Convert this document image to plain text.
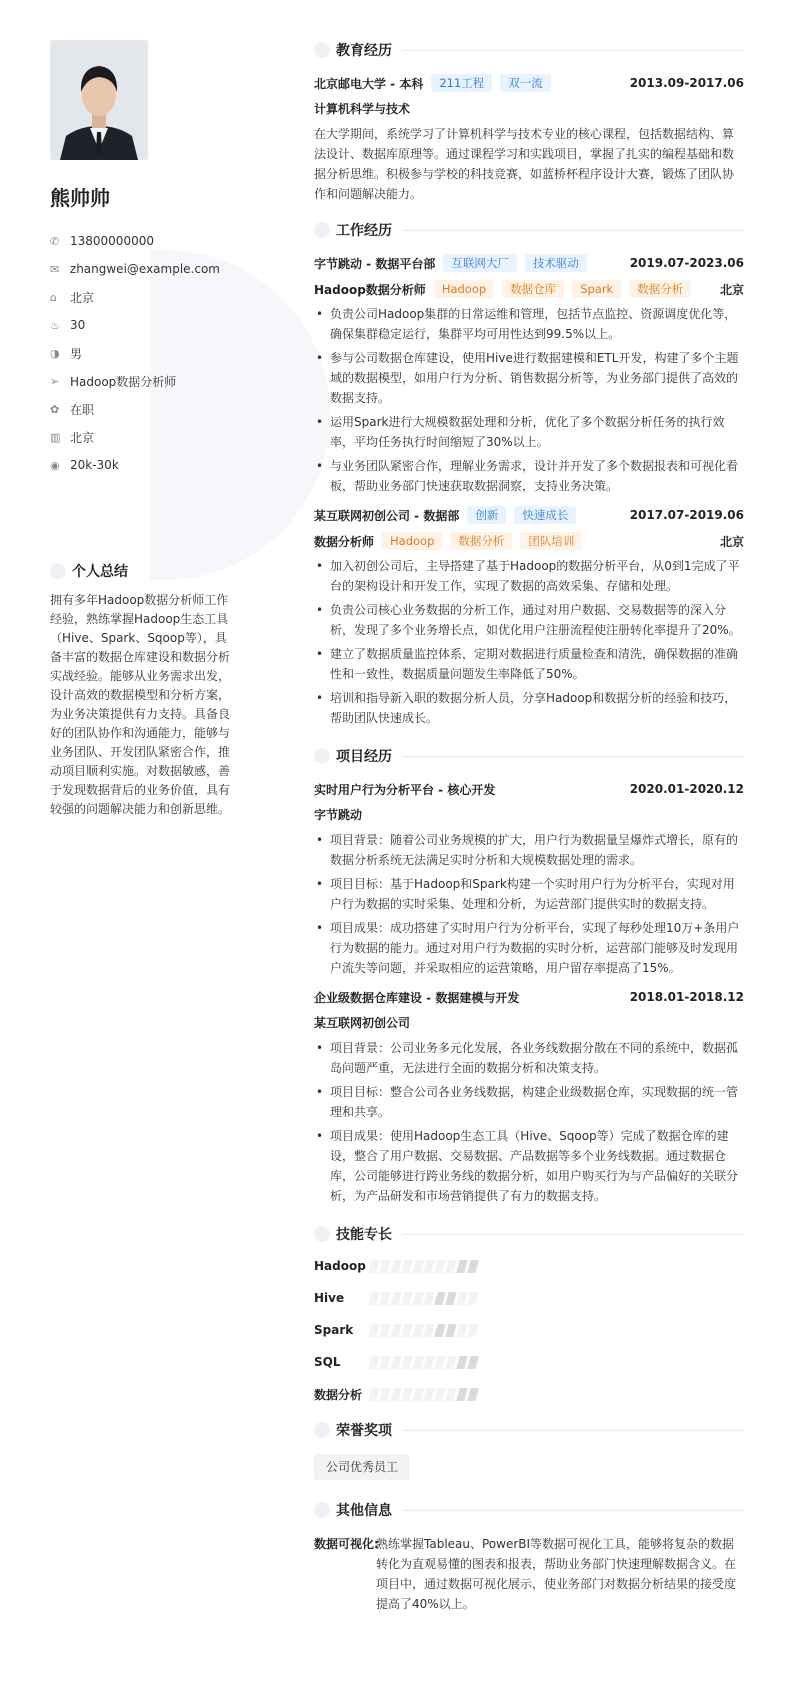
熊帅帅
✆ 13800000000
✉ zhangwei@example.com
⌂	北京
♨ 30
◑ 男
➢ Hadoop数据分析师
✿ 在职
▥ 北京
◉ 20k-30k
个人总结
拥有多年Hadoop数据分析师工作经验，熟练掌握Hadoop生态工具（Hive、Spark、Sqoop等），具备丰富的数据仓库建设和数据分析实战经验。能够从业务需求出发，设计高效的数据模型和分析方案，为业务决策提供有力支持。具备良好的团队协作和沟通能力，能够与业务团队、开发团队紧密合作，推动项目顺利实施。对数据敏感，善于发现数据背后的业务价值，具有较强的问题解决能力和创新思维。
教育经历
北京邮电大学 - 本科	211工程	双一流	2013.09-2017.06
计算机科学与技术
在大学期间，系统学习了计算机科学与技术专业的核心课程，包括数据结构、算法设计、数据库原理等。通过课程学习和实践项目，掌握了扎实的编程基础和数据分析思维。积极参与学校的科技竞赛，如蓝桥杯程序设计大赛，锻炼了团队协作和问题解决能力。
工作经历
字节跳动 - 数据平台部	互联网大厂	技术驱动	2019.07-2023.06
Hadoop数据分析师	Hadoop	数据仓库	Spark	数据分析	北京
• 负责公司Hadoop集群的日常运维和管理，包括节点监控、资源调度优化等，确保集群稳定运行，集群平均可用性达到99.5%以上。
• 参与公司数据仓库建设，使用Hive进行数据建模和ETL开发，构建了多个主题域的数据模型，如用户行为分析、销售数据分析等，为业务部门提供了高效的数据支持。
• 运用Spark进行大规模数据处理和分析，优化了多个数据分析任务的执行效率，平均任务执行时间缩短了30%以上。
• 与业务团队紧密合作，理解业务需求，设计并开发了多个数据报表和可视化看板，帮助业务部门快速获取数据洞察，支持业务决策。
某互联网初创公司 - 数据部	创新	快速成长	2017.07-2019.06
数据分析师	Hadoop	数据分析	团队培训	北京
• 加入初创公司后，主导搭建了基于Hadoop的数据分析平台，从0到1完成了平台的架构设计和开发工作，实现了数据的高效采集、存储和处理。
• 负责公司核心业务数据的分析工作，通过对用户数据、交易数据等的深入分析，发现了多个业务增长点，如优化用户注册流程使注册转化率提升了20%。
• 建立了数据质量监控体系，定期对数据进行质量检查和清洗，确保数据的准确性和一致性，数据质量问题发生率降低了50%。
• 培训和指导新入职的数据分析人员，分享Hadoop和数据分析的经验和技巧，帮助团队快速成长。
项目经历
实时用户行为分析平台 - 核心开发	2020.01-2020.12
字节跳动
• 项目背景：随着公司业务规模的扩大，用户行为数据量呈爆炸式增长，原有的数据分析系统无法满足实时分析和大规模数据处理的需求。
• 项目目标：基于Hadoop和Spark构建一个实时用户行为分析平台，实现对用户行为数据的实时采集、处理和分析，为运营部门提供实时的数据支持。
• 项目成果：成功搭建了实时用户行为分析平台，实现了每秒处理10万+条用户行为数据的能力。通过对用户行为数据的实时分析，运营部门能够及时发现用户流失等问题，并采取相应的运营策略，用户留存率提高了15%。
企业级数据仓库建设 - 数据建模与开发	2018.01-2018.12
某互联网初创公司
• 项目背景：公司业务多元化发展，各业务线数据分散在不同的系统中，数据孤岛问题严重，无法进行全面的数据分析和决策支持。
• 项目目标：整合公司各业务线数据，构建企业级数据仓库，实现数据的统一管理和共享。
• 项目成果：使用Hadoop生态工具（Hive、Sqoop等）完成了数据仓库的建设，整合了用户数据、交易数据、产品数据等多个业务线数据。通过数据仓库，公司能够进行跨业务线的数据分析，如用户购买行为与产品偏好的关联分析，为产品研发和市场营销提供了有力的数据支持。
技能专长
Hadoop
Hive
Spark
SQL
数据分析
荣誉奖项
公司优秀员工
其他信息
数据可视化:
熟练掌握Tableau、PowerBI等数据可视化工具，能够将复杂的数据转化为直观易懂的图表和报表，帮助业务部门快速理解数据含义。在项目中，通过数据可视化展示，使业务部门对数据分析结果的接受度提高了40%以上。
